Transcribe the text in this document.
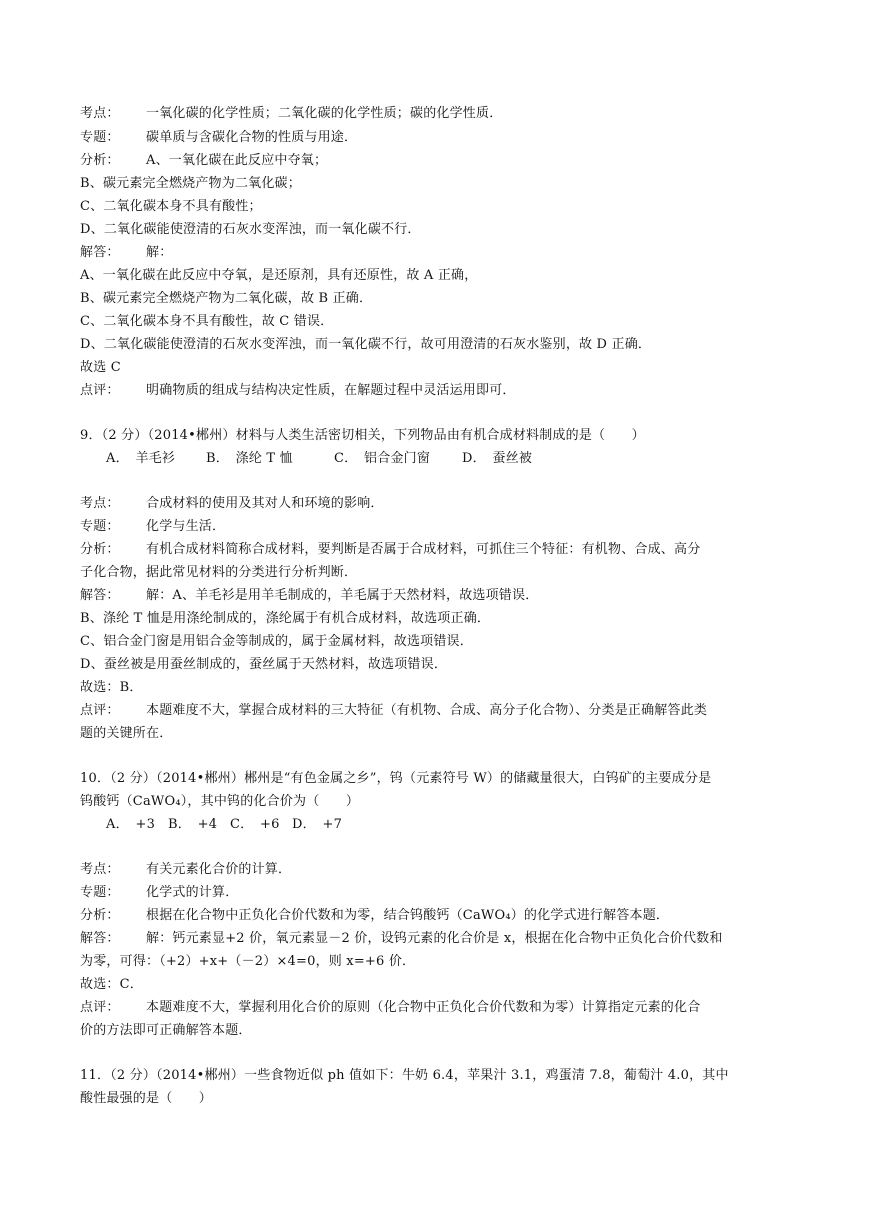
考点： 一氧化碳的化学性质；二氧化碳的化学性质；碳的化学性质．
专题： 碳单质与含碳化合物的性质与用途．
分析： A、一氧化碳在此反应中夺氧；
B、碳元素完全燃烧产物为二氧化碳；
C、二氧化碳本身不具有酸性；
D、二氧化碳能使澄清的石灰水变浑浊，而一氧化碳不行．
解答： 解：
A、一氧化碳在此反应中夺氧，是还原剂，具有还原性，故 A 正确，
B、碳元素完全燃烧产物为二氧化碳，故 B 正确．
C、二氧化碳本身不具有酸性，故 C 错误．
D、二氧化碳能使澄清的石灰水变浑浊，而一氧化碳不行，故可用澄清的石灰水鉴别，故 D 正确．
故选 C
点评： 明确物质的组成与结构决定性质，在解题过程中灵活运用即可．
9．（2 分）（2014•郴州）材料与人类生活密切相关，下列物品由有机合成材料制成的是（　　）
A．　羊毛衫 B．　涤纶 T 恤	C．　铝合金门窗 D．　蚕丝被
考点： 合成材料的使用及其对人和环境的影响．
专题： 化学与生活．
分析： 有机合成材料简称合成材料，要判断是否属于合成材料，可抓住三个特征：有机物、合成、高分
子化合物，据此常见材料的分类进行分析判断．
解答： 解：A、羊毛衫是用羊毛制成的，羊毛属于天然材料，故选项错误．
B、涤纶 T 恤是用涤纶制成的，涤纶属于有机合成材料，故选项正确．
C、铝合金门窗是用铝合金等制成的，属于金属材料，故选项错误．
D、蚕丝被是用蚕丝制成的，蚕丝属于天然材料，故选项错误．
故选：B．
点评： 本题难度不大，掌握合成材料的三大特征（有机物、合成、高分子化合物）、分类是正确解答此类
题的关键所在．
10．（2 分）（2014•郴州）郴州是“有色金属之乡”，钨（元素符号 W）的储藏量很大，白钨矿的主要成分是
钨酸钙（CaWO₄），其中钨的化合价为（　　）
A．　+3 B．　+4 C．　+6 D．　+7
考点： 有关元素化合价的计算．
专题： 化学式的计算．
分析： 根据在化合物中正负化合价代数和为零，结合钨酸钙（CaWO₄）的化学式进行解答本题．
解答： 解：钙元素显+2 价，氧元素显－2 价，设钨元素的化合价是 x，根据在化合物中正负化合价代数和
为零，可得：（+2）+x+（－2）×4=0，则 x=+6 价．
故选：C．
点评： 本题难度不大，掌握利用化合价的原则（化合物中正负化合价代数和为零）计算指定元素的化合
价的方法即可正确解答本题．
11．（2 分）（2014•郴州）一些食物近似 ph 值如下：牛奶 6.4，苹果汁 3.1，鸡蛋清 7.8，葡萄汁 4.0，其中
酸性最强的是（　　）
